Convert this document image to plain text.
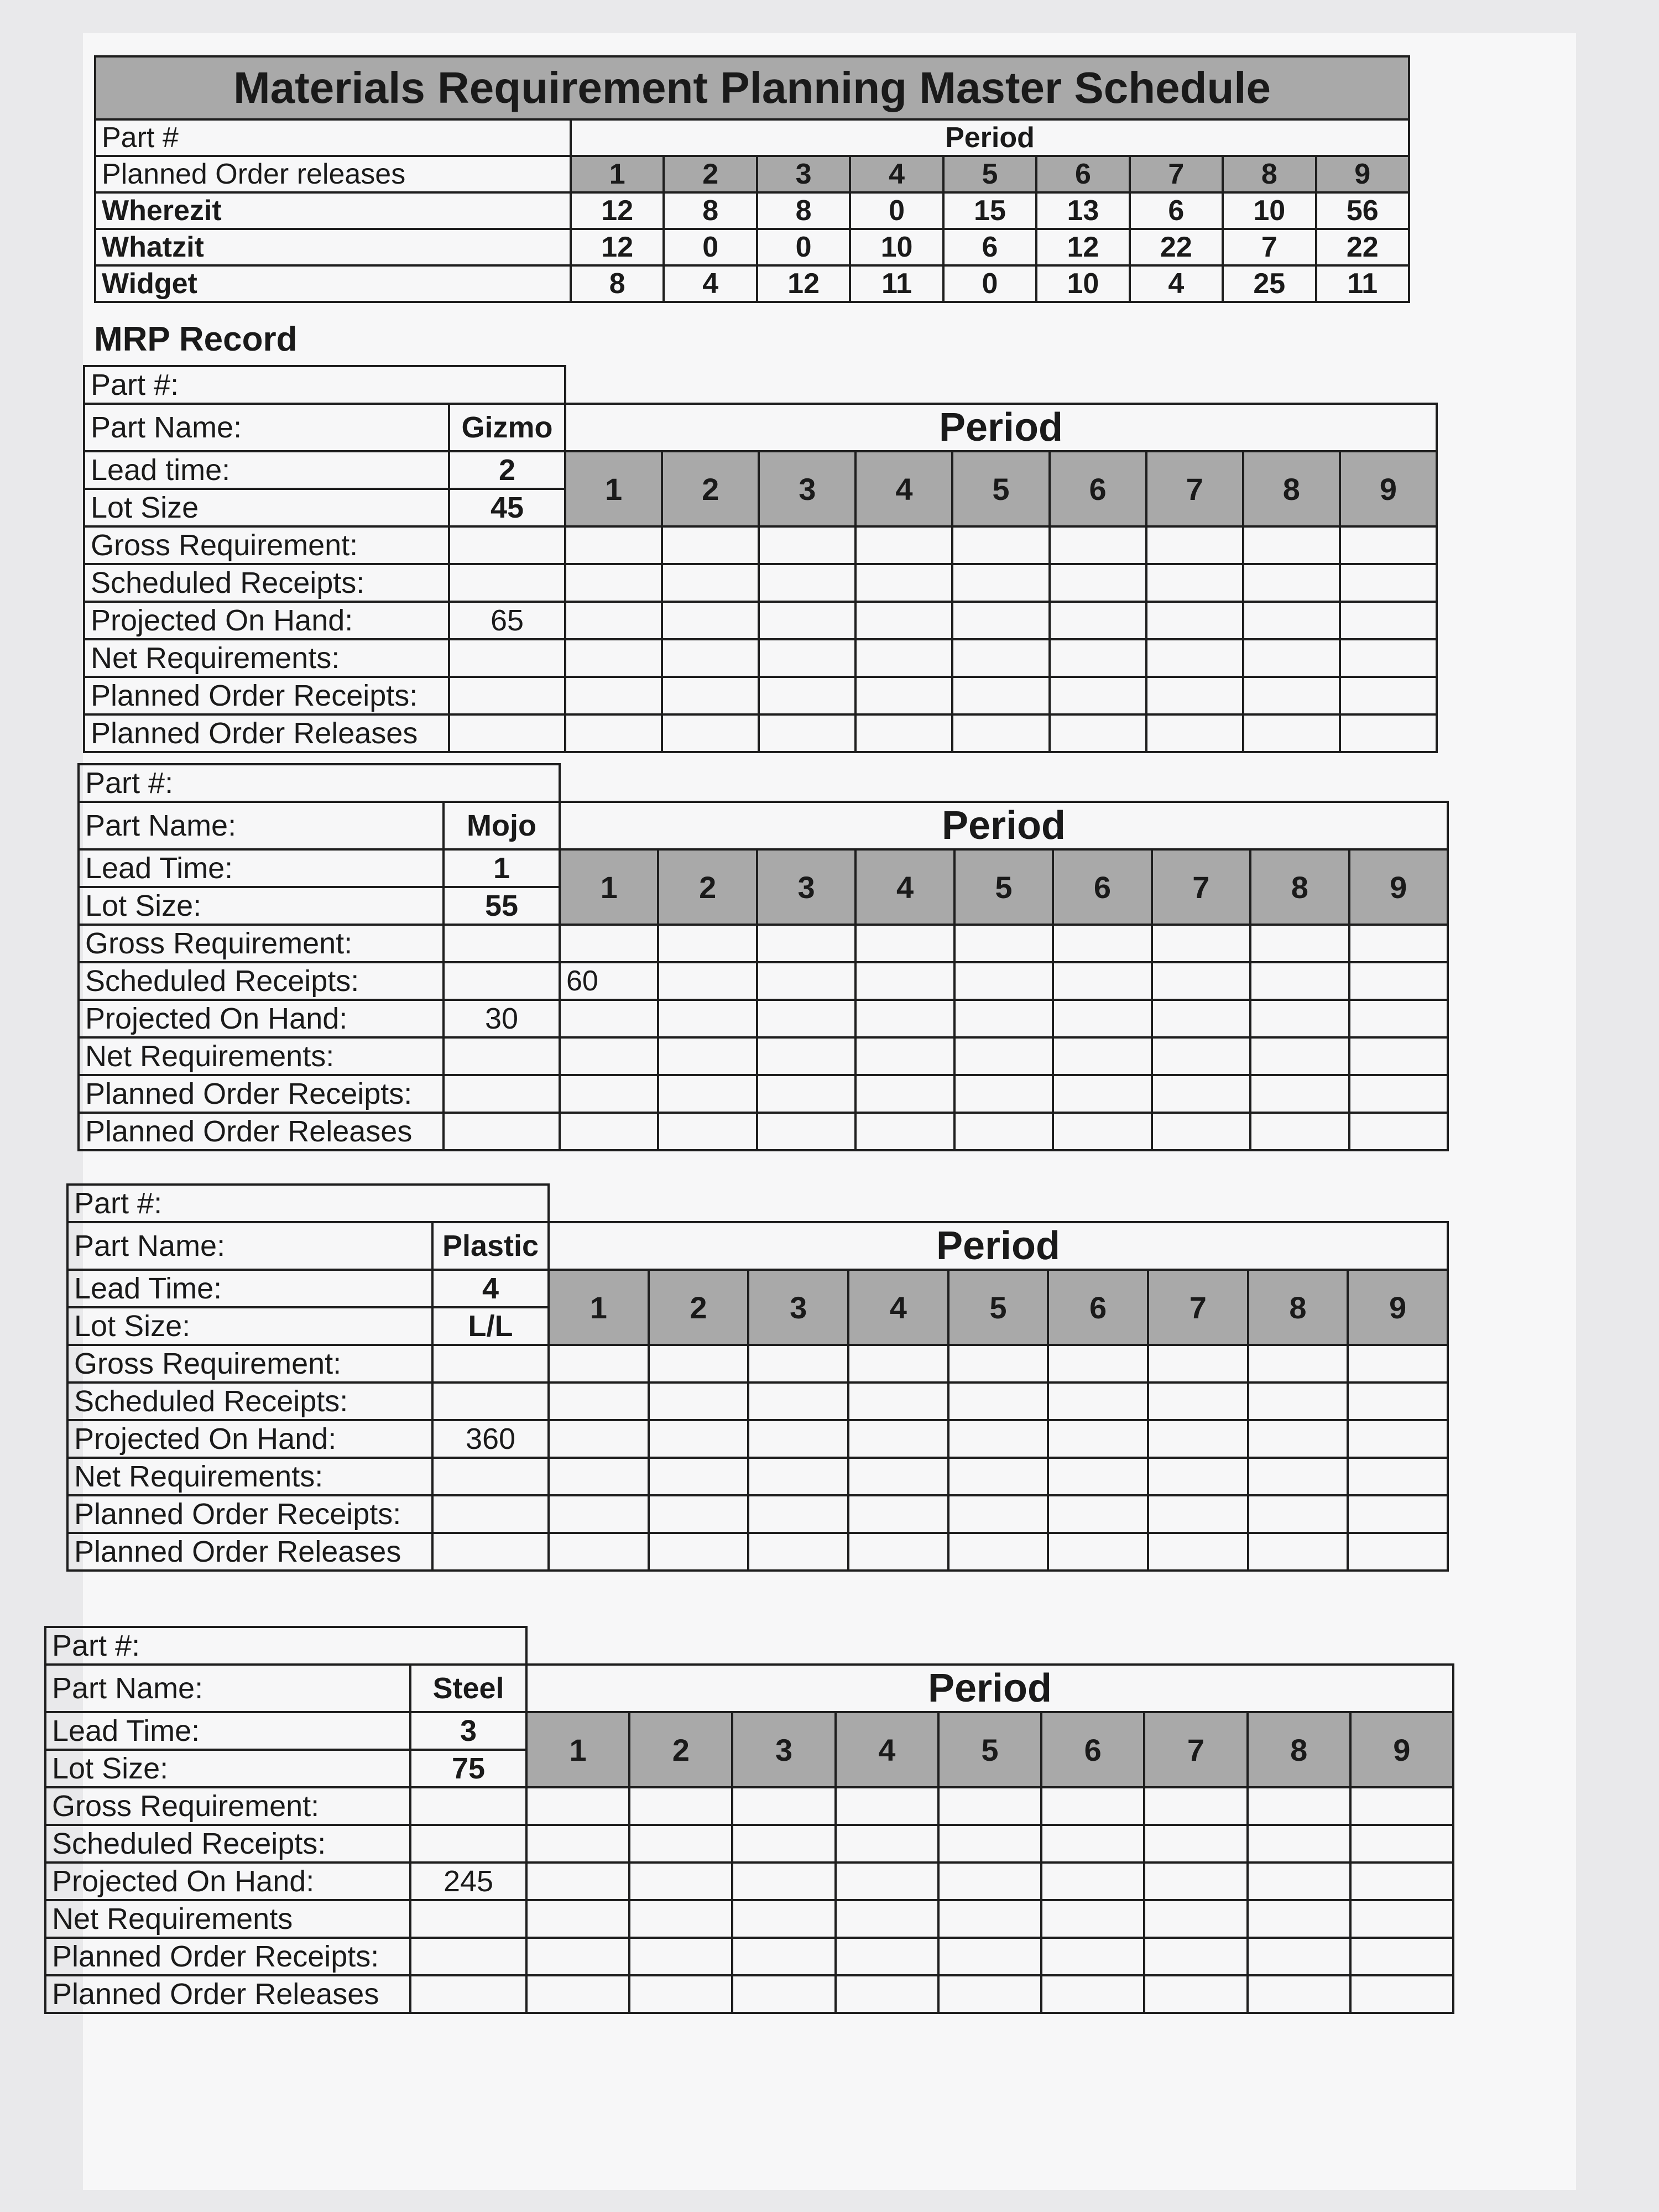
Materials Requirement Planning Master Schedule									
Part #	Period								
Planned Order releases	1	2	3	4	5	6	7	8	9
Wherezit	12	8	8	0	15	13	6	10	56
Whatzit	12	0	0	10	6	12	22	7	22
Widget	8	4	12	11	0	10	4	25	11
MRP Record
Part #:										
Part Name:	Gizmo	Period								
Lead time:	2	1	2	3	4	5	6	7	8	9
Lot Size	45									
Gross Requirement:										
Scheduled Receipts:										
Projected On Hand:	65									
Net Requirements:										
Planned Order Receipts:										
Planned Order Releases										
Part #:										
Part Name:	Mojo	Period								
Lead Time:	1	1	2	3	4	5	6	7	8	9
Lot Size:	55									
Gross Requirement:										
Scheduled Receipts:		60								
Projected On Hand:	30									
Net Requirements:										
Planned Order Receipts:										
Planned Order Releases										
Part #:										
Part Name:	Plastic	Period								
Lead Time:	4	1	2	3	4	5	6	7	8	9
Lot Size:	L/L									
Gross Requirement:										
Scheduled Receipts:										
Projected On Hand:	360									
Net Requirements:										
Planned Order Receipts:										
Planned Order Releases										
Part #:										
Part Name:	Steel	Period								
Lead Time:	3	1	2	3	4	5	6	7	8	9
Lot Size:	75									
Gross Requirement:										
Scheduled Receipts:										
Projected On Hand:	245									
Net Requirements										
Planned Order Receipts:										
Planned Order Releases										
